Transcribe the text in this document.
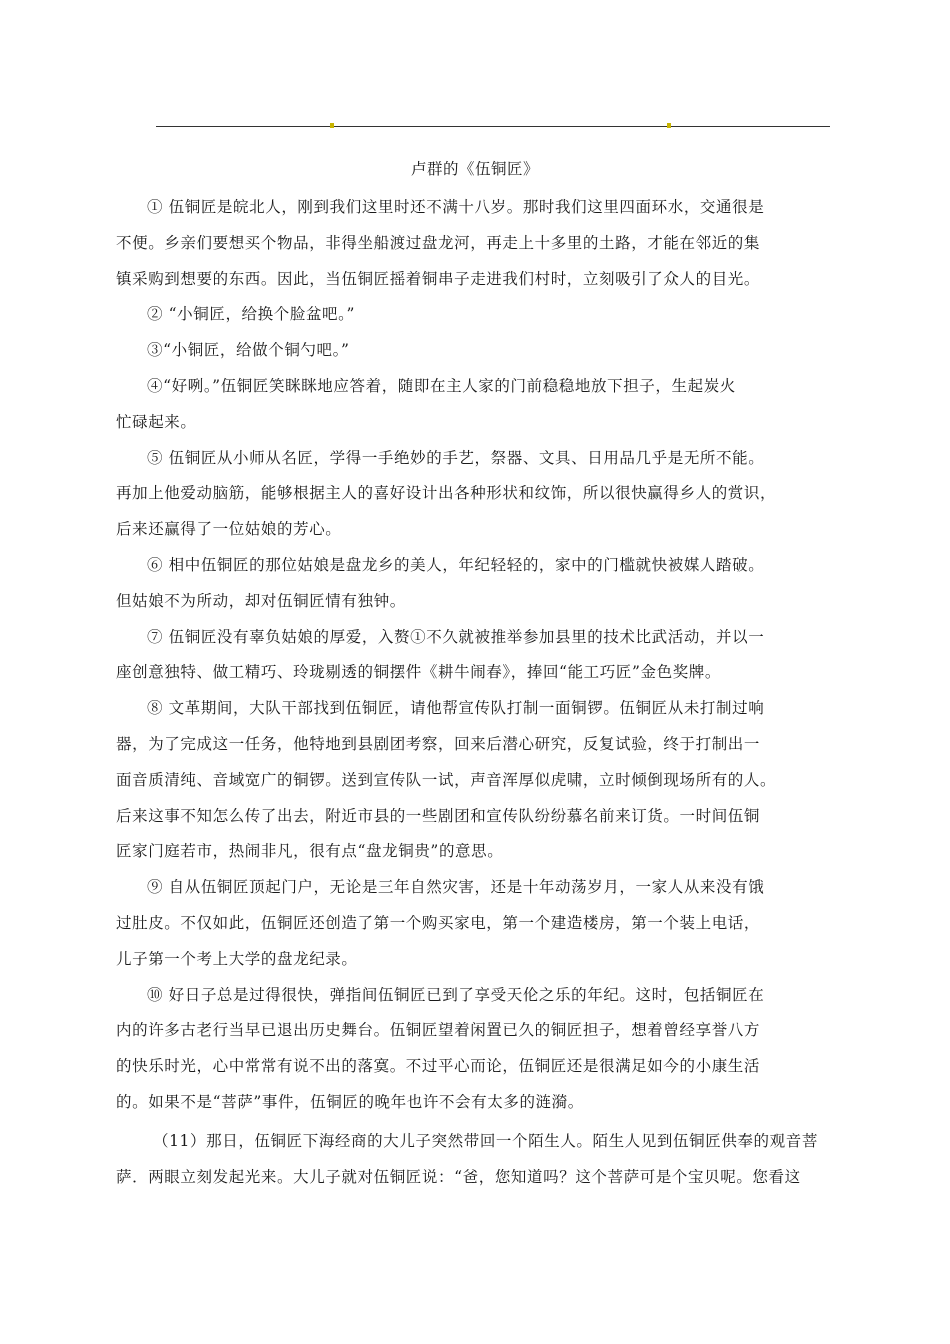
卢群的《伍铜匠》

① 伍铜匠是皖北人，刚到我们这里时还不满十八岁。那时我们这里四面环水，交通很是
不便。乡亲们要想买个物品，非得坐船渡过盘龙河，再走上十多里的土路，才能在邻近的集
镇采购到想要的东西。因此，当伍铜匠摇着铜串子走进我们村时，立刻吸引了众人的目光。

② “小铜匠，给换个脸盆吧。”

③“小铜匠，给做个铜勺吧。”

④“好咧。”伍铜匠笑眯眯地应答着，随即在主人家的门前稳稳地放下担子，生起炭火
忙碌起来。

⑤ 伍铜匠从小师从名匠，学得一手绝妙的手艺，祭器、文具、日用品几乎是无所不能。
再加上他爱动脑筋，能够根据主人的喜好设计出各种形状和纹饰，所以很快赢得乡人的赏识，
后来还赢得了一位姑娘的芳心。

⑥ 相中伍铜匠的那位姑娘是盘龙乡的美人，年纪轻轻的，家中的门槛就快被媒人踏破。
但姑娘不为所动，却对伍铜匠情有独钟。

⑦ 伍铜匠没有辜负姑娘的厚爱，入赘①不久就被推举参加县里的技术比武活动，并以一
座创意独特、做工精巧、玲珑剔透的铜摆件《耕牛闹春》，捧回“能工巧匠”金色奖牌。

⑧ 文革期间，大队干部找到伍铜匠，请他帮宣传队打制一面铜锣。伍铜匠从未打制过响
器，为了完成这一任务，他特地到县剧团考察，回来后潜心研究，反复试验，终于打制出一
面音质清纯、音域宽广的铜锣。送到宣传队一试，声音浑厚似虎啸，立时倾倒现场所有的人。
后来这事不知怎么传了出去，附近市县的一些剧团和宣传队纷纷慕名前来订货。一时间伍铜
匠家门庭若市，热闹非凡，很有点“盘龙铜贵”的意思。

⑨ 自从伍铜匠顶起门户，无论是三年自然灾害，还是十年动荡岁月，一家人从来没有饿
过肚皮。不仅如此，伍铜匠还创造了第一个购买家电，第一个建造楼房，第一个装上电话，
儿子第一个考上大学的盘龙纪录。

⑩ 好日子总是过得很快，弹指间伍铜匠已到了享受天伦之乐的年纪。这时，包括铜匠在
内的许多古老行当早已退出历史舞台。伍铜匠望着闲置已久的铜匠担子，想着曾经享誉八方
的快乐时光，心中常常有说不出的落寞。不过平心而论，伍铜匠还是很满足如今的小康生活
的。如果不是“菩萨”事件，伍铜匠的晚年也许不会有太多的涟漪。

（11）那日，伍铜匠下海经商的大儿子突然带回一个陌生人。陌生人见到伍铜匠供奉的观音菩
萨．两眼立刻发起光来。大儿子就对伍铜匠说：“爸，您知道吗？这个菩萨可是个宝贝呢。您看这
